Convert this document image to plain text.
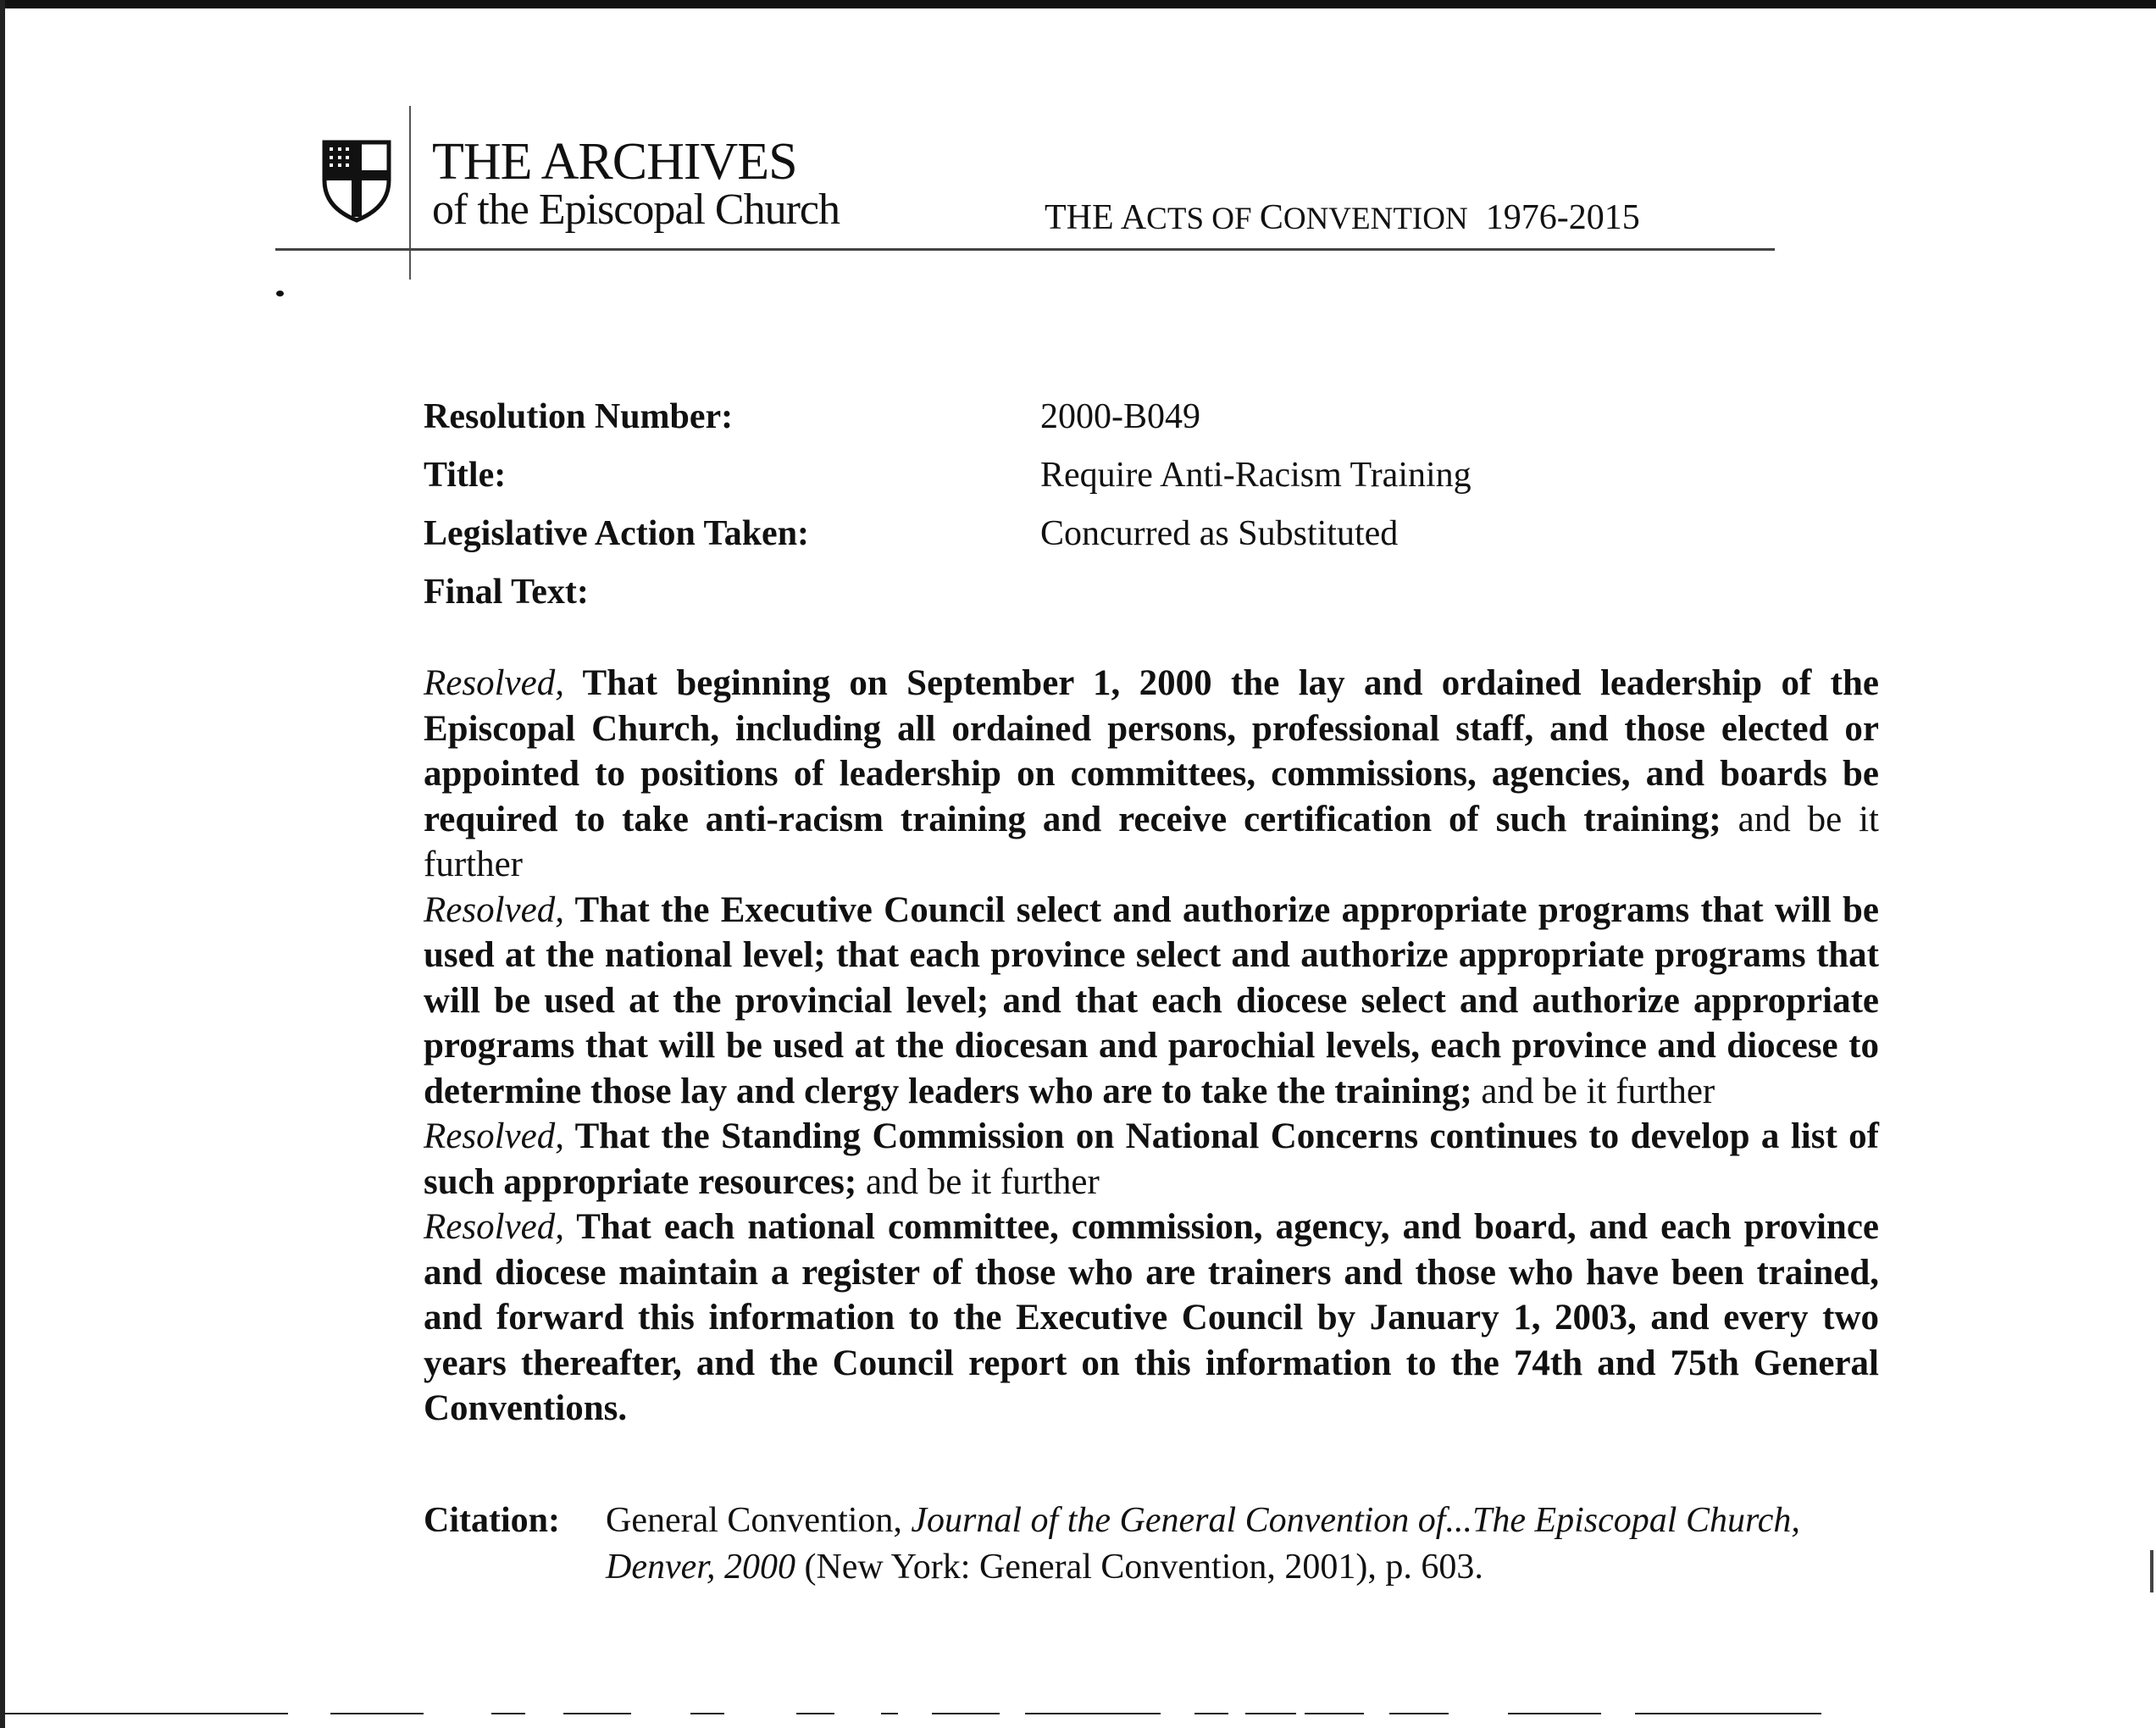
THE ARCHIVES
of the Episcopal Church	THE ACTS OF CONVENTION 1976-2015
Resolution Number:	2000-B049
Title:	Require Anti-Racism Training
Legislative Action Taken:	Concurred as Substituted
Final Text:

Resolved, That beginning on September 1, 2000 the lay and ordained leadership of the Episcopal Church, including all ordained persons, professional staff, and those elected or appointed to positions of leadership on committees, commissions, agencies, and boards be required to take anti-racism training and receive certification of such training; and be it further

Resolved, That the Executive Council select and authorize appropriate programs that will be used at the national level; that each province select and authorize appropriate programs that will be used at the provincial level; and that each diocese select and authorize appropriate programs that will be used at the diocesan and parochial levels, each province and diocese to determine those lay and clergy leaders who are to take the training; and be it further

Resolved, That the Standing Commission on National Concerns continues to develop a list of such appropriate resources; and be it further

Resolved, That each national committee, commission, agency, and board, and each province and diocese maintain a register of those who are trainers and those who have been trained, and forward this information to the Executive Council by January 1, 2003, and every two years thereafter, and the Council report on this information to the 74th and 75th General Conventions.

Citation: General Convention, Journal of the General Convention of...The Episcopal Church, Denver, 2000 (New York: General Convention, 2001), p. 603.
